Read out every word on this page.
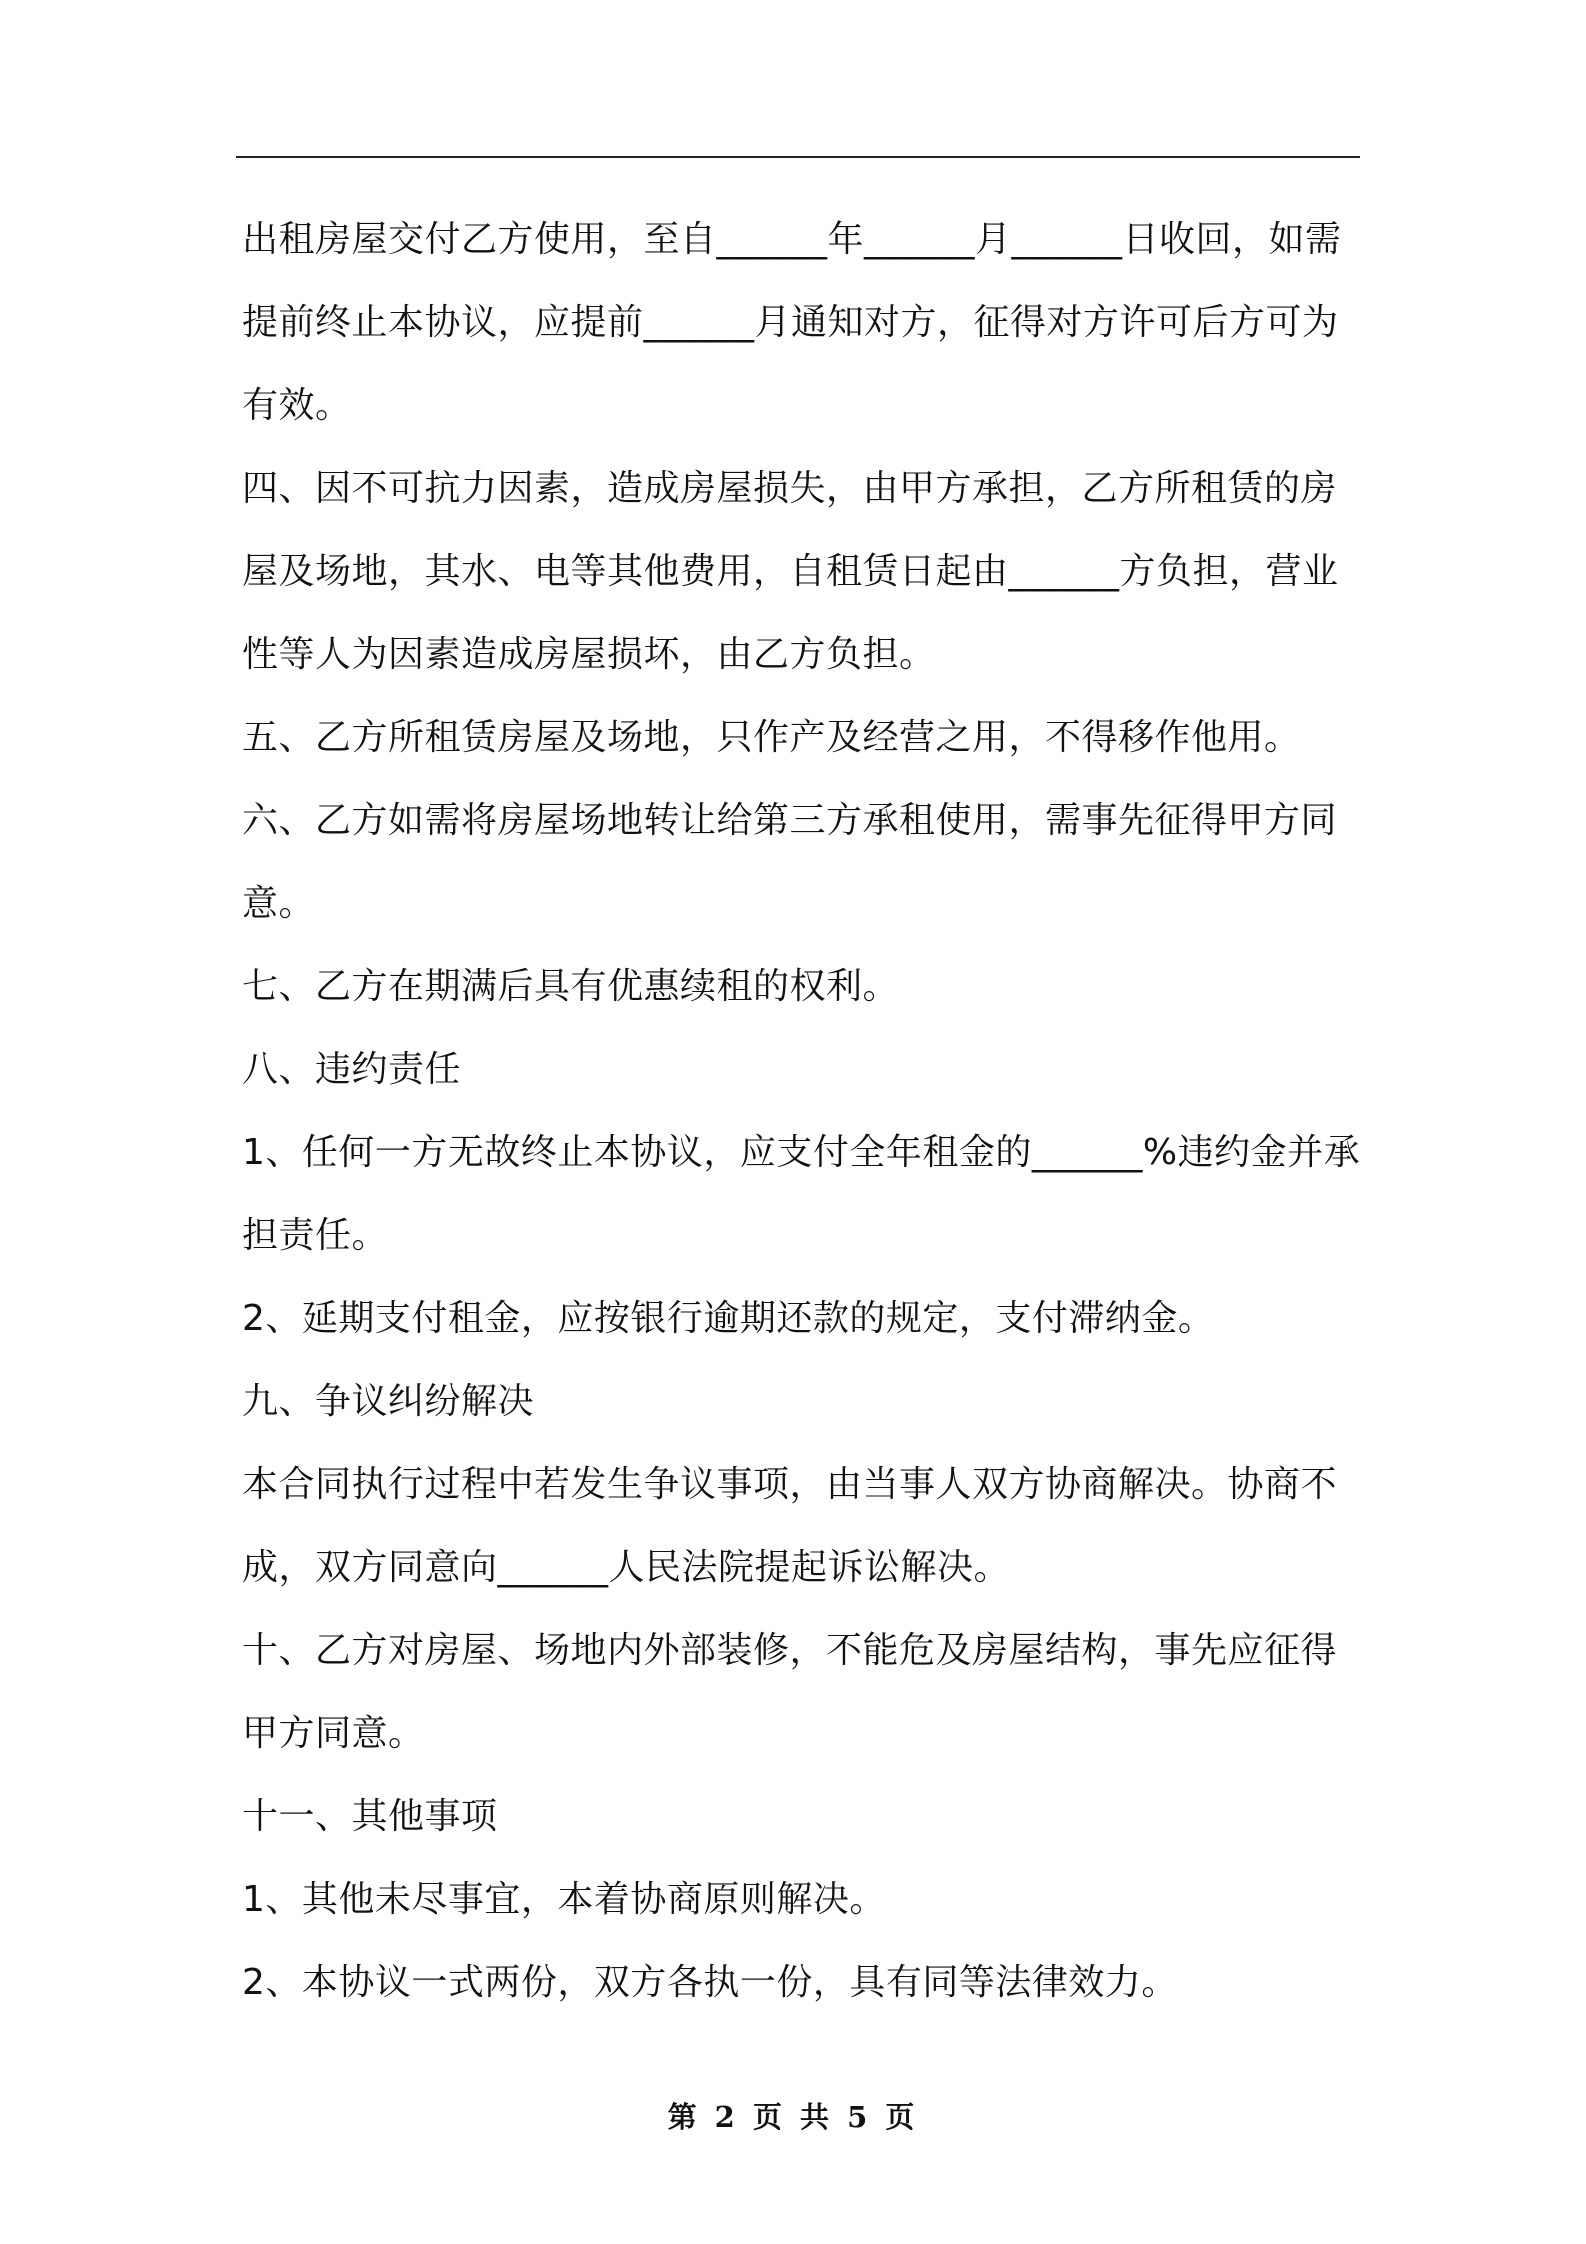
出租房屋交付乙方使用，至自______年______月______日收回，如需提前终止本协议，应提前______月通知对方，征得对方许可后方可为有效。

四、因不可抗力因素，造成房屋损失，由甲方承担，乙方所租赁的房屋及场地，其水、电等其他费用，自租赁日起由______方负担，营业性等人为因素造成房屋损坏，由乙方负担。

五、乙方所租赁房屋及场地，只作产及经营之用，不得移作他用。

六、乙方如需将房屋场地转让给第三方承租使用，需事先征得甲方同意。

七、乙方在期满后具有优惠续租的权利。

八、违约责任

1、任何一方无故终止本协议，应支付全年租金的______%违约金并承担责任。

2、延期支付租金，应按银行逾期还款的规定，支付滞纳金。

九、争议纠纷解决

本合同执行过程中若发生争议事项，由当事人双方协商解决。协商不成，双方同意向______人民法院提起诉讼解决。

十、乙方对房屋、场地内外部装修，不能危及房屋结构，事先应征得甲方同意。

十一、其他事项

1、其他未尽事宜，本着协商原则解决。

2、本协议一式两份，双方各执一份，具有同等法律效力。

第 2 页 共 5 页
